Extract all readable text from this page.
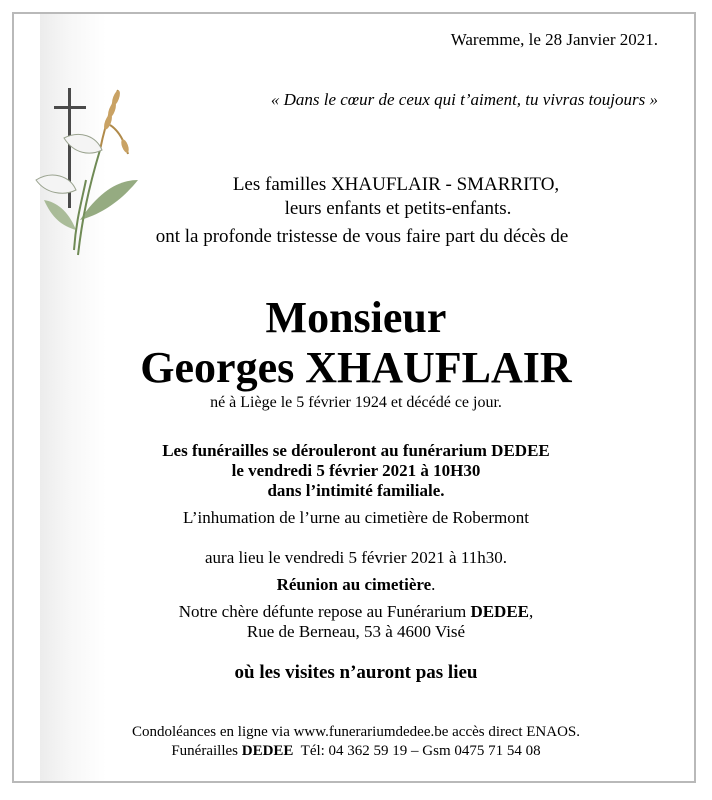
Waremme, le 28 Janvier 2021.
« Dans le cœur de ceux qui t’aiment, tu vivras toujours »
Les familles XHAUFLAIR - SMARRITO,
leurs enfants et petits-enfants.
ont la profonde tristesse de vous faire part du décès de
Monsieur
Georges XHAUFLAIR
né à Liège le 5 février 1924 et décédé ce jour.
Les funérailles se dérouleront au funérarium DEDEE
le vendredi 5 février 2021 à 10H30
dans l’intimité familiale.
L’inhumation de l’urne au cimetière de Robermont
aura lieu le vendredi 5 février 2021 à 11h30.
Réunion au cimetière.
Notre chère défunte repose au Funérarium DEDEE,
Rue de Berneau, 53 à 4600 Visé
où les visites n’auront pas lieu
Condoléances en ligne via www.funerariumdedee.be accès direct ENAOS.
Funérailles DEDEE  Tél: 04 362 59 19 – Gsm 0475 71 54 08
